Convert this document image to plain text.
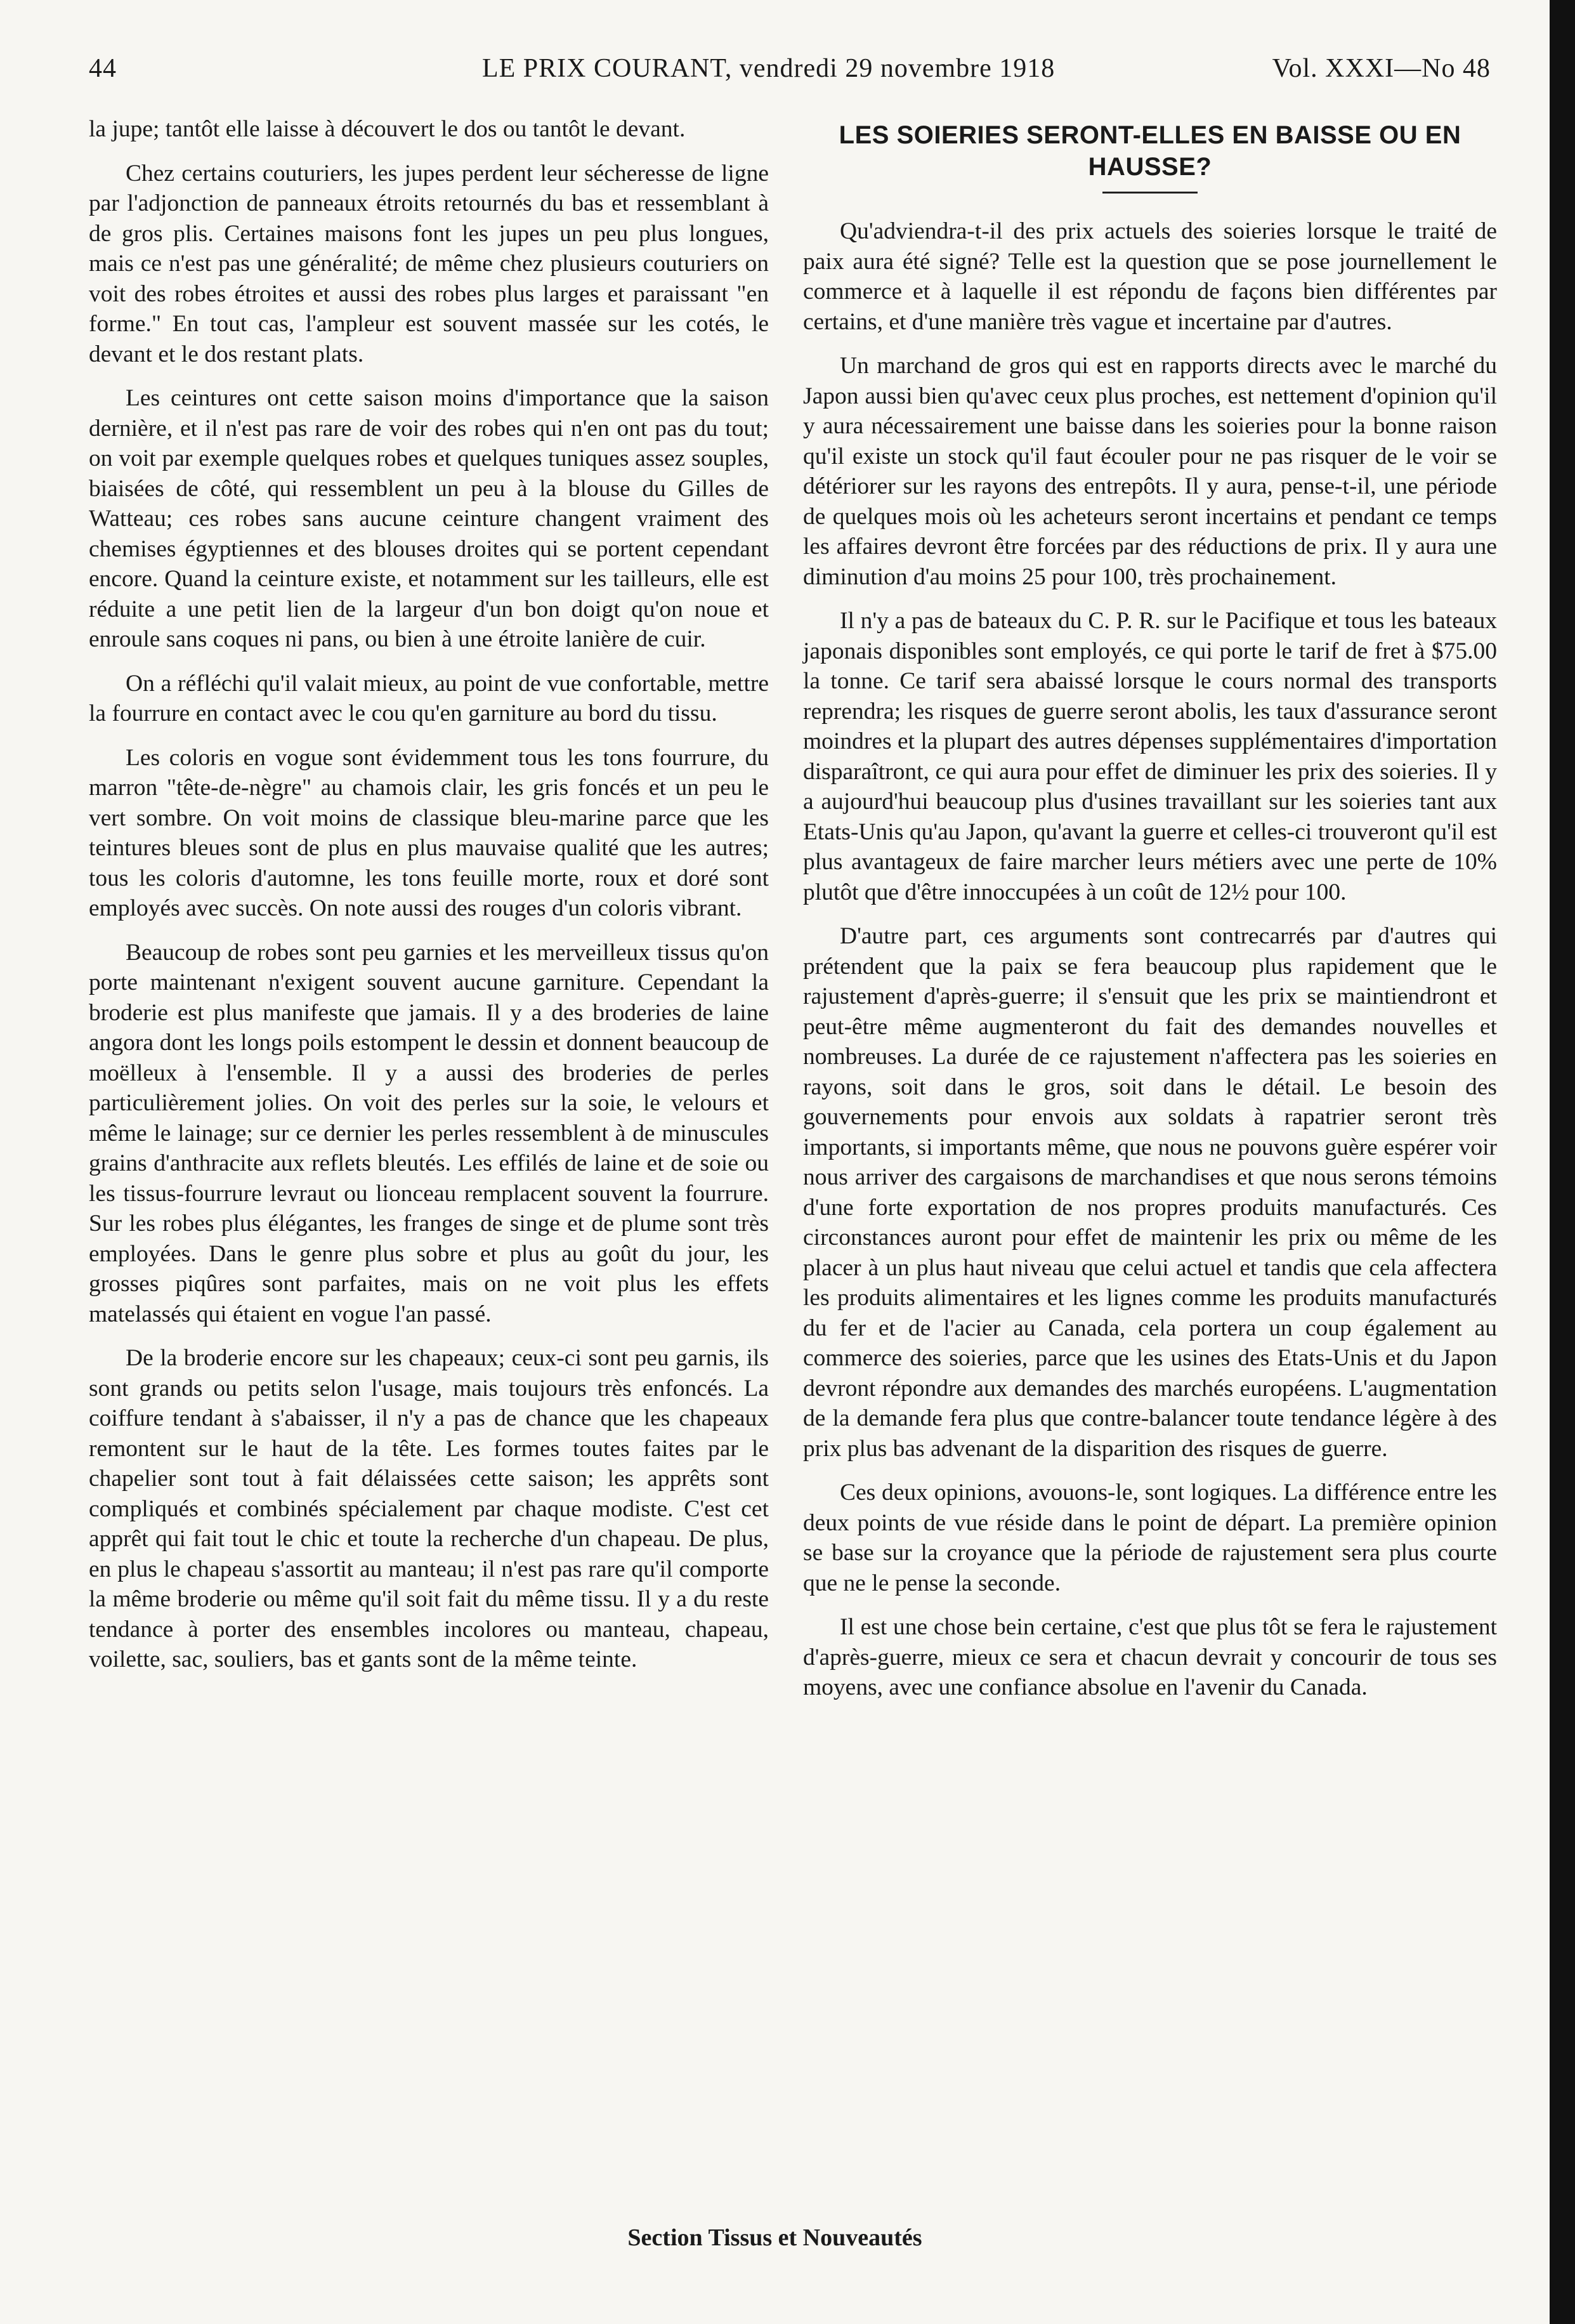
44	LE PRIX COURANT, vendredi 29 novembre 1918	Vol. XXXI—No 48

la jupe; tantôt elle laisse à découvert le dos ou tantôt le devant.

Chez certains couturiers, les jupes perdent leur sécheresse de ligne par l'adjonction de panneaux étroits retournés du bas et ressemblant à de gros plis. Certaines maisons font les jupes un peu plus longues, mais ce n'est pas une généralité; de même chez plusieurs couturiers on voit des robes étroites et aussi des robes plus larges et paraissant "en forme." En tout cas, l'ampleur est souvent massée sur les cotés, le devant et le dos restant plats.

Les ceintures ont cette saison moins d'importance que la saison dernière, et il n'est pas rare de voir des robes qui n'en ont pas du tout; on voit par exemple quelques robes et quelques tuniques assez souples, biaisées de côté, qui ressemblent un peu à la blouse du Gilles de Watteau; ces robes sans aucune ceinture changent vraiment des chemises égyptiennes et des blouses droites qui se portent cependant encore. Quand la ceinture existe, et notamment sur les tailleurs, elle est réduite a une petit lien de la largeur d'un bon doigt qu'on noue et enroule sans coques ni pans, ou bien à une étroite lanière de cuir.

On a réfléchi qu'il valait mieux, au point de vue confortable, mettre la fourrure en contact avec le cou qu'en garniture au bord du tissu.

Les coloris en vogue sont évidemment tous les tons fourrure, du marron "tête-de-nègre" au chamois clair, les gris foncés et un peu le vert sombre. On voit moins de classique bleu-marine parce que les teintures bleues sont de plus en plus mauvaise qualité que les autres; tous les coloris d'automne, les tons feuille morte, roux et doré sont employés avec succès. On note aussi des rouges d'un coloris vibrant.

Beaucoup de robes sont peu garnies et les merveilleux tissus qu'on porte maintenant n'exigent souvent aucune garniture. Cependant la broderie est plus manifeste que jamais. Il y a des broderies de laine angora dont les longs poils estompent le dessin et donnent beaucoup de moëlleux à l'ensemble. Il y a aussi des broderies de perles particulièrement jolies. On voit des perles sur la soie, le velours et même le lainage; sur ce dernier les perles ressemblent à de minuscules grains d'anthracite aux reflets bleutés. Les effilés de laine et de soie ou les tissus-fourrure levraut ou lionceau remplacent souvent la fourrure. Sur les robes plus élégantes, les franges de singe et de plume sont très employées. Dans le genre plus sobre et plus au goût du jour, les grosses piqûres sont parfaites, mais on ne voit plus les effets matelassés qui étaient en vogue l'an passé.

De la broderie encore sur les chapeaux; ceux-ci sont peu garnis, ils sont grands ou petits selon l'usage, mais toujours très enfoncés. La coiffure tendant à s'abaisser, il n'y a pas de chance que les chapeaux remontent sur le haut de la tête. Les formes toutes faites par le chapelier sont tout à fait délaissées cette saison; les apprêts sont compliqués et combinés spécialement par chaque modiste. C'est cet apprêt qui fait tout le chic et toute la recherche d'un chapeau. De plus, en plus le chapeau s'assortit au manteau; il n'est pas rare qu'il comporte la même broderie ou même qu'il soit fait du même tissu. Il y a du reste tendance à porter des ensembles incolores ou manteau, chapeau, voilette, sac, souliers, bas et gants sont de la même teinte.

LES SOIERIES SERONT-ELLES EN BAISSE OU EN HAUSSE?

Qu'adviendra-t-il des prix actuels des soieries lorsque le traité de paix aura été signé? Telle est la question que se pose journellement le commerce et à laquelle il est répondu de façons bien différentes par certains, et d'une manière très vague et incertaine par d'autres.

Un marchand de gros qui est en rapports directs avec le marché du Japon aussi bien qu'avec ceux plus proches, est nettement d'opinion qu'il y aura nécessairement une baisse dans les soieries pour la bonne raison qu'il existe un stock qu'il faut écouler pour ne pas risquer de le voir se détériorer sur les rayons des entrepôts. Il y aura, pense-t-il, une période de quelques mois où les acheteurs seront incertains et pendant ce temps les affaires devront être forcées par des réductions de prix. Il y aura une diminution d'au moins 25 pour 100, très prochainement.

Il n'y a pas de bateaux du C. P. R. sur le Pacifique et tous les bateaux japonais disponibles sont employés, ce qui porte le tarif de fret à $75.00 la tonne. Ce tarif sera abaissé lorsque le cours normal des transports reprendra; les risques de guerre seront abolis, les taux d'assurance seront moindres et la plupart des autres dépenses supplémentaires d'importation disparaîtront, ce qui aura pour effet de diminuer les prix des soieries. Il y a aujourd'hui beaucoup plus d'usines travaillant sur les soieries tant aux Etats-Unis qu'au Japon, qu'avant la guerre et celles-ci trouveront qu'il est plus avantageux de faire marcher leurs métiers avec une perte de 10% plutôt que d'être innoccupées à un coût de 12½ pour 100.

D'autre part, ces arguments sont contrecarrés par d'autres qui prétendent que la paix se fera beaucoup plus rapidement que le rajustement d'après-guerre; il s'ensuit que les prix se maintiendront et peut-être même augmenteront du fait des demandes nouvelles et nombreuses. La durée de ce rajustement n'affectera pas les soieries en rayons, soit dans le gros, soit dans le détail. Le besoin des gouvernements pour envois aux soldats à rapatrier seront très importants, si importants même, que nous ne pouvons guère espérer voir nous arriver des cargaisons de marchandises et que nous serons témoins d'une forte exportation de nos propres produits manufacturés. Ces circonstances auront pour effet de maintenir les prix ou même de les placer à un plus haut niveau que celui actuel et tandis que cela affectera les produits alimentaires et les lignes comme les produits manufacturés du fer et de l'acier au Canada, cela portera un coup également au commerce des soieries, parce que les usines des Etats-Unis et du Japon devront répondre aux demandes des marchés européens. L'augmentation de la demande fera plus que contre-balancer toute tendance légère à des prix plus bas advenant de la disparition des risques de guerre.

Ces deux opinions, avouons-le, sont logiques. La différence entre les deux points de vue réside dans le point de départ. La première opinion se base sur la croyance que la période de rajustement sera plus courte que ne le pense la seconde.

Il est une chose bein certaine, c'est que plus tôt se fera le rajustement d'après-guerre, mieux ce sera et chacun devrait y concourir de tous ses moyens, avec une confiance absolue en l'avenir du Canada.

Section Tissus et Nouveautés
